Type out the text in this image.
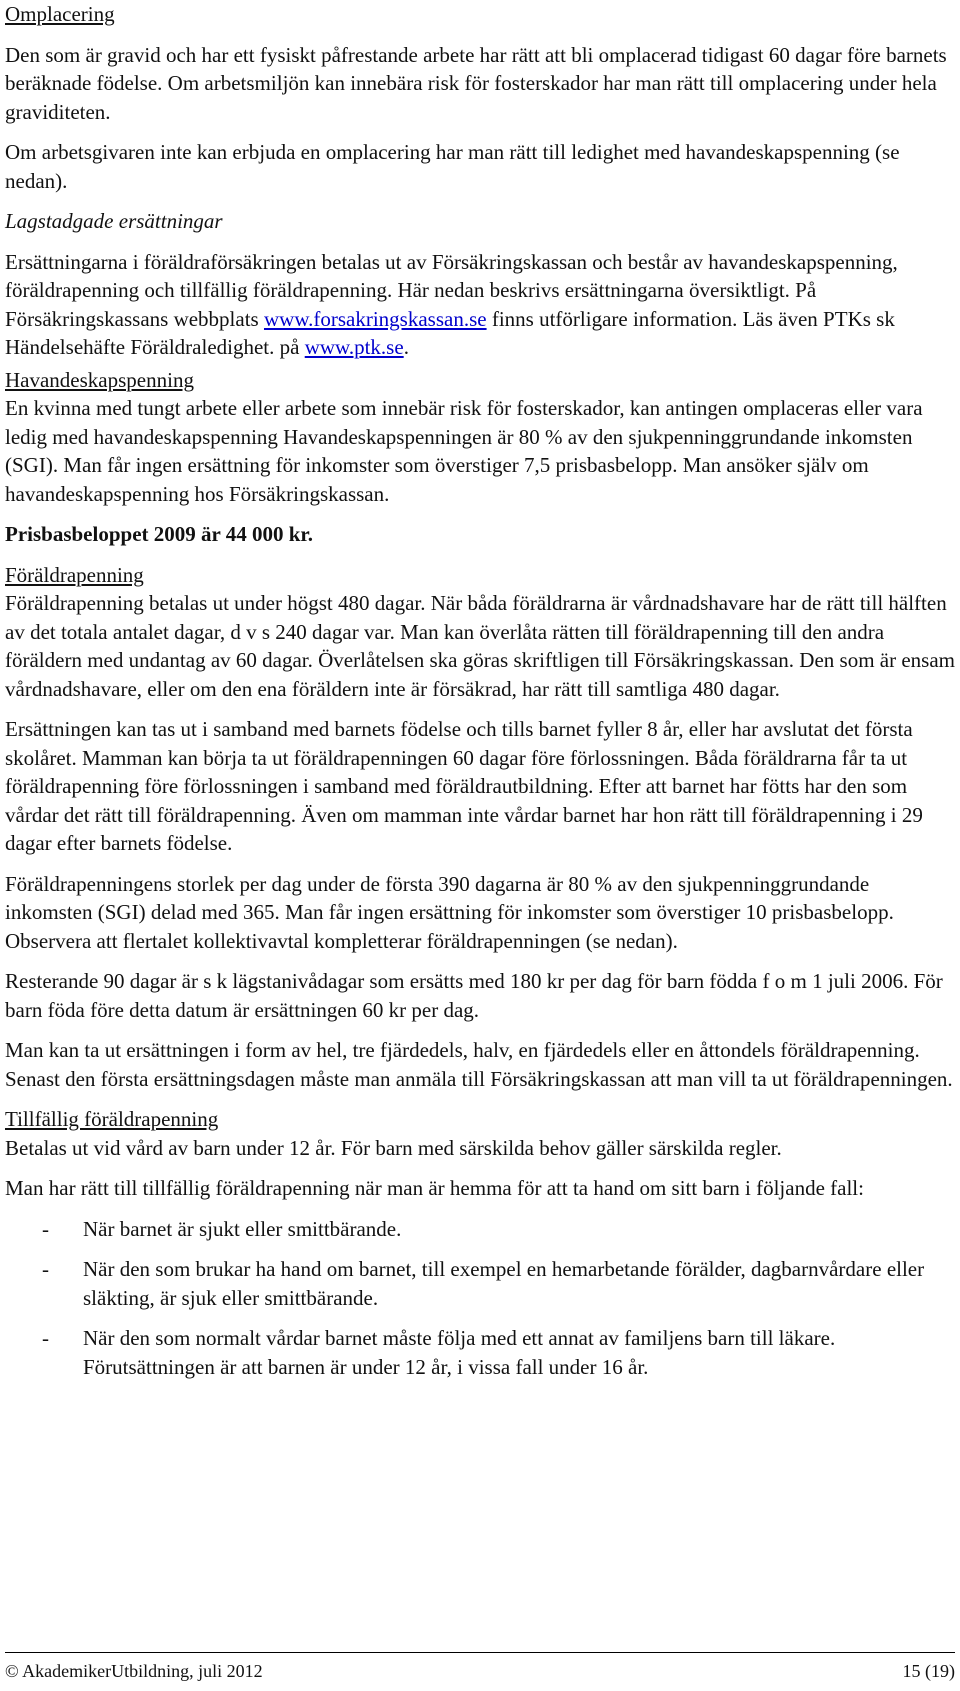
Omplacering

Den som är gravid och har ett fysiskt påfrestande arbete har rätt att bli omplacerad tidigast 60 dagar före barnets beräknade födelse. Om arbetsmiljön kan innebära risk för fosterskador har man rätt till omplacering under hela graviditeten.

Om arbetsgivaren inte kan erbjuda en omplacering har man rätt till ledighet med havandeskapspenning (se nedan).

Lagstadgade ersättningar

Ersättningarna i föräldraförsäkringen betalas ut av Försäkringskassan och består av havandeskapspenning, föräldrapenning och tillfällig föräldrapenning. Här nedan beskrivs ersättningarna översiktligt. På Försäkringskassans webbplats www.forsakringskassan.se finns utförligare information. Läs även PTKs sk Händelsehäfte Föräldraledighet. på www.ptk.se.

Havandeskapspenning

En kvinna med tungt arbete eller arbete som innebär risk för fosterskador, kan antingen omplaceras eller vara ledig med havandeskapspenning Havandeskapspenningen är 80 % av den sjukpenninggrundande inkomsten (SGI). Man får ingen ersättning för inkomster som överstiger 7,5 prisbasbelopp. Man ansöker själv om havandeskapspenning hos Försäkringskassan.

Prisbasbeloppet 2009 är 44 000 kr.

Föräldrapenning

Föräldrapenning betalas ut under högst 480 dagar. När båda föräldrarna är vårdnadshavare har de rätt till hälften av det totala antalet dagar, d v s 240 dagar var. Man kan överlåta rätten till föräldrapenning till den andra föräldern med undantag av 60 dagar. Överlåtelsen ska göras skriftligen till Försäkringskassan. Den som är ensam vårdnadshavare, eller om den ena föräldern inte är försäkrad, har rätt till samtliga 480 dagar.

Ersättningen kan tas ut i samband med barnets födelse och tills barnet fyller 8 år, eller har avslutat det första skolåret. Mamman kan börja ta ut föräldrapenningen 60 dagar före förlossningen. Båda föräldrarna får ta ut föräldrapenning före förlossningen i samband med föräldrautbildning. Efter att barnet har fötts har den som vårdar det rätt till föräldrapenning. Även om mamman inte vårdar barnet har hon rätt till föräldrapenning i 29 dagar efter barnets födelse.

Föräldrapenningens storlek per dag under de första 390 dagarna är 80 % av den sjukpenninggrundande inkomsten (SGI) delad med 365. Man får ingen ersättning för inkomster som överstiger 10 prisbasbelopp. Observera att flertalet kollektivavtal kompletterar föräldrapenningen (se nedan).

Resterande 90 dagar är s k lägstanivådagar som ersätts med 180 kr per dag för barn födda f o m 1 juli 2006. För barn föda före detta datum är ersättningen 60 kr per dag.

Man kan ta ut ersättningen i form av hel, tre fjärdedels, halv, en fjärdedels eller en åttondels föräldrapenning. Senast den första ersättningsdagen måste man anmäla till Försäkringskassan att man vill ta ut föräldrapenningen.

Tillfällig föräldrapenning

Betalas ut vid vård av barn under 12 år. För barn med särskilda behov gäller särskilda regler.

Man har rätt till tillfällig föräldrapenning när man är hemma för att ta hand om sitt barn i följande fall:

- När barnet är sjukt eller smittbärande.
- När den som brukar ha hand om barnet, till exempel en hemarbetande förälder, dagbarnvårdare eller släkting, är sjuk eller smittbärande.
- När den som normalt vårdar barnet måste följa med ett annat av familjens barn till läkare. Förutsättningen är att barnen är under 12 år, i vissa fall under 16 år.
© AkademikerUtbildning, juli 2012	15 (19)
